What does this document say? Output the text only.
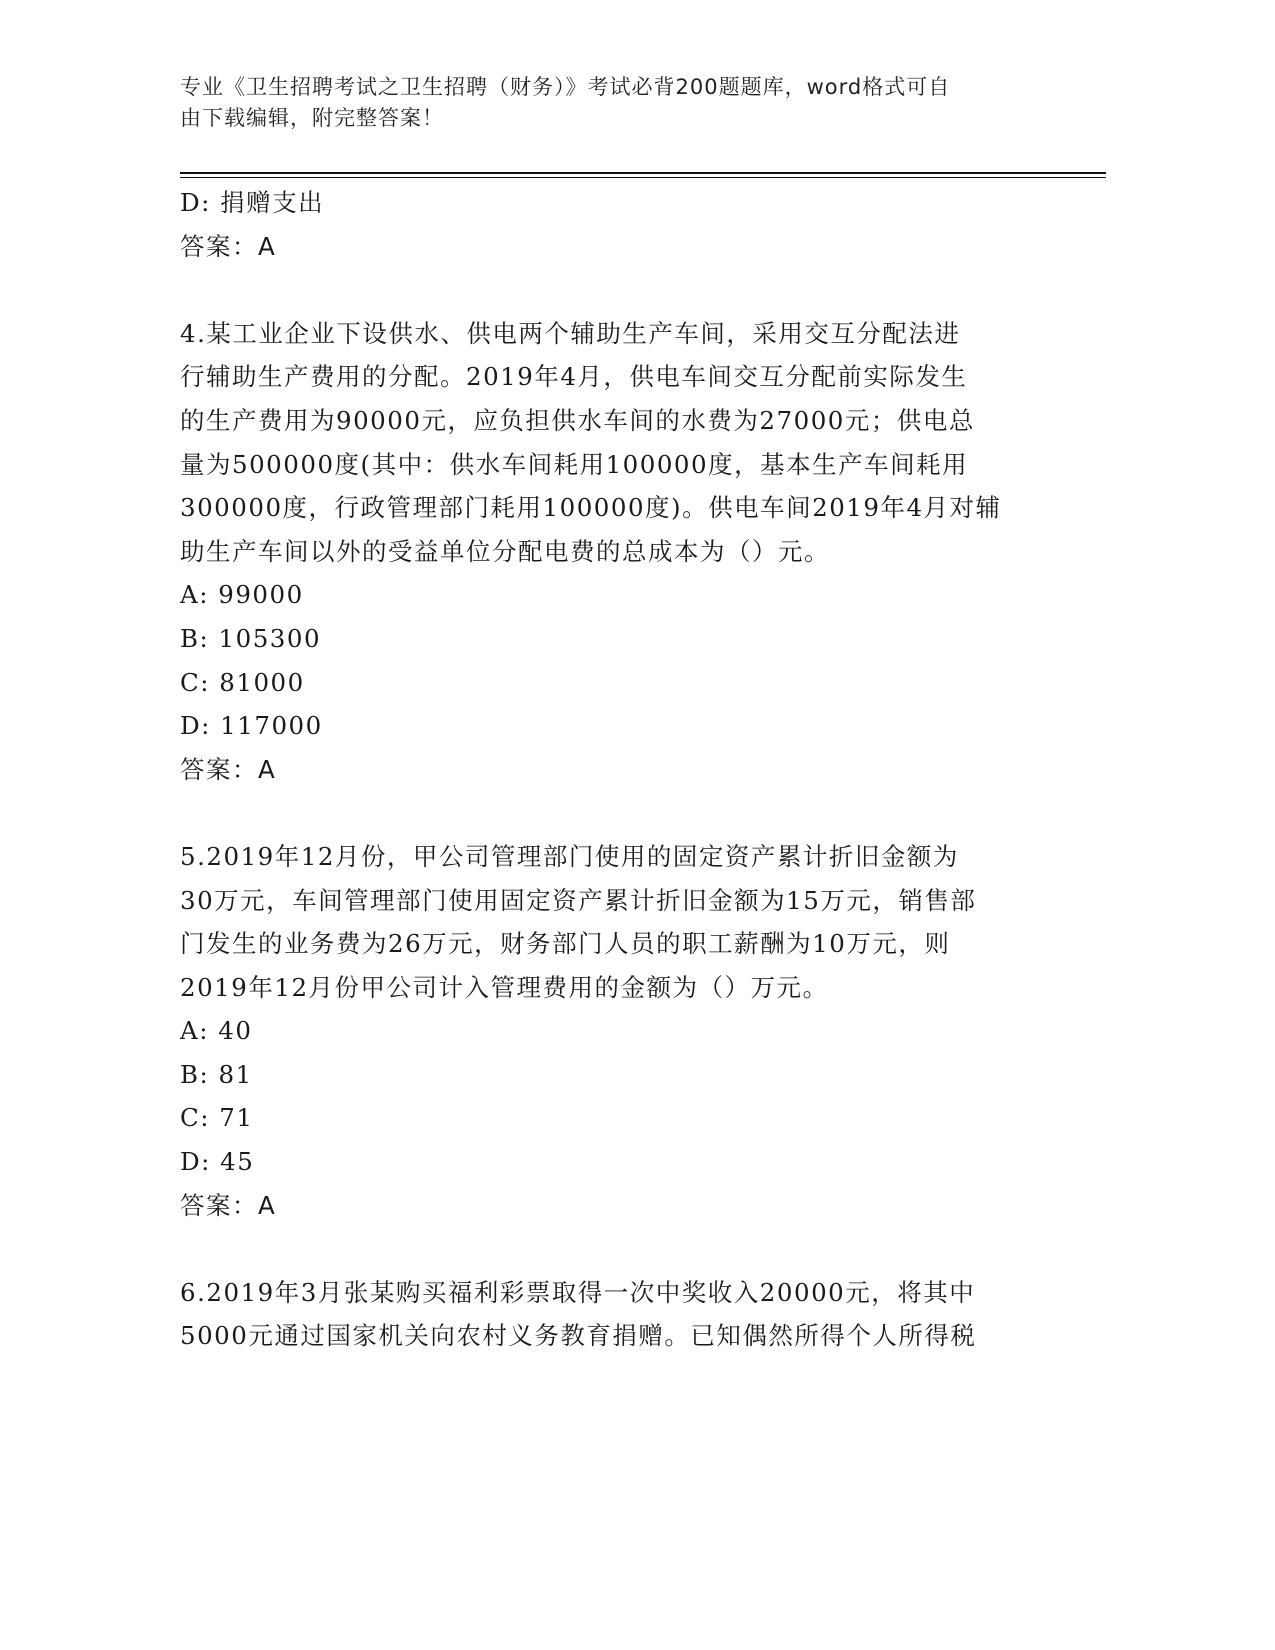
专业《卫生招聘考试之卫生招聘（财务）》考试必背200题题库，word格式可自
由下载编辑，附完整答案！
D: 捐赠支出
答案：A
4.某工业企业下设供水、供电两个辅助生产车间，采用交互分配法进
行辅助生产费用的分配。2019年4月，供电车间交互分配前实际发生
的生产费用为90000元，应负担供水车间的水费为27000元；供电总
量为500000度(其中：供水车间耗用100000度，基本生产车间耗用
300000度，行政管理部门耗用100000度)。供电车间2019年4月对辅
助生产车间以外的受益单位分配电费的总成本为（）元。
A: 99000
B: 105300
C: 81000
D: 117000
答案：A
5.2019年12月份，甲公司管理部门使用的固定资产累计折旧金额为
30万元，车间管理部门使用固定资产累计折旧金额为15万元，销售部
门发生的业务费为26万元，财务部门人员的职工薪酬为10万元，则
2019年12月份甲公司计入管理费用的金额为（）万元。
A: 40
B: 81
C: 71
D: 45
答案：A
6.2019年3月张某购买福利彩票取得一次中奖收入20000元，将其中
5000元通过国家机关向农村义务教育捐赠。已知偶然所得个人所得税
